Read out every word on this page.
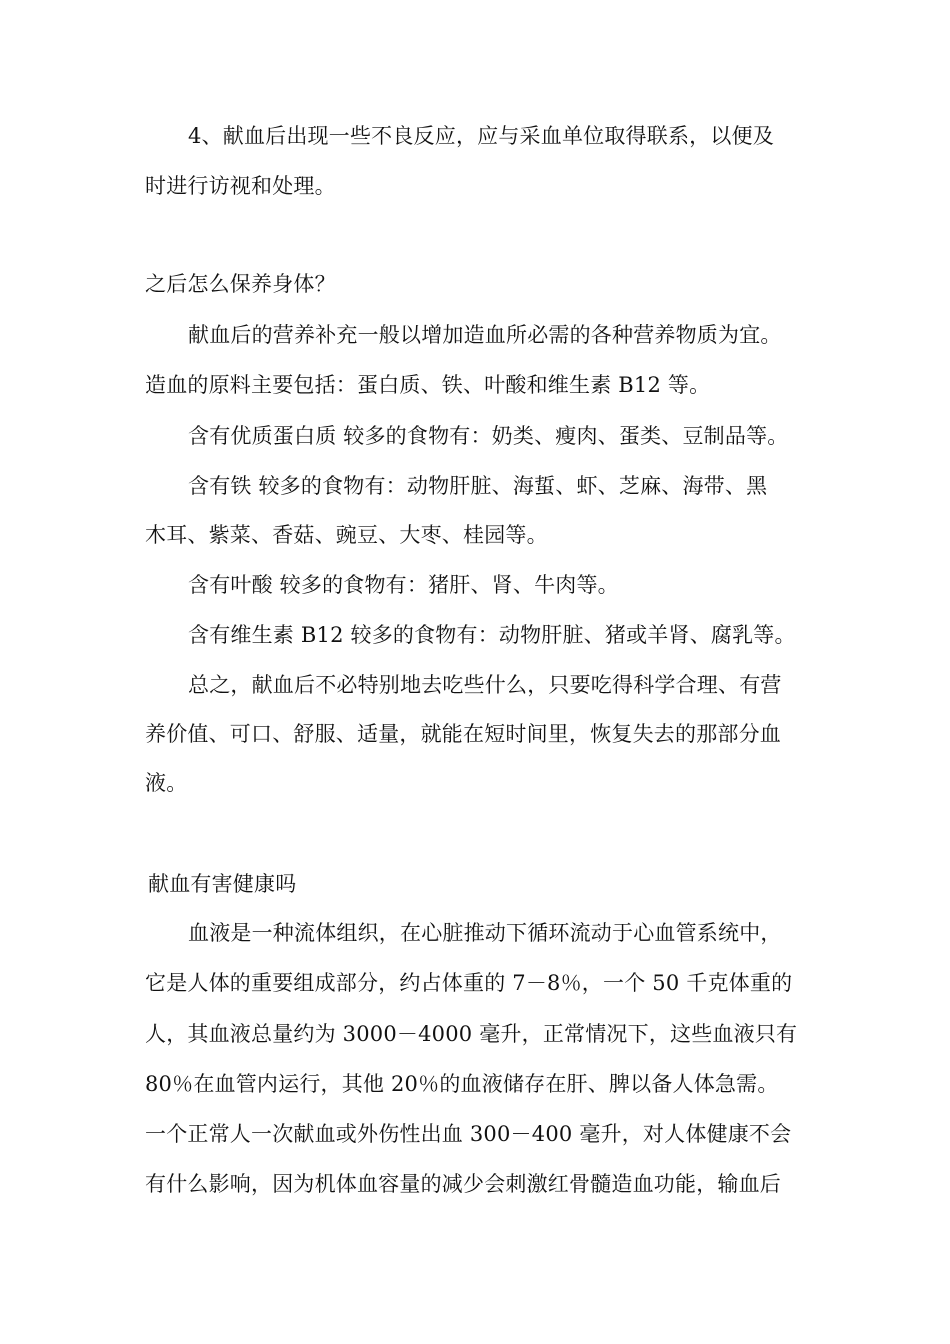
4、献血后出现一些不良反应，应与采血单位取得联系，以便及
时进行访视和处理。
之后怎么保养身体？
献血后的营养补充一般以增加造血所必需的各种营养物质为宜。
造血的原料主要包括：蛋白质、铁、叶酸和维生素 B12 等。
含有优质蛋白质 较多的食物有：奶类、瘦肉、蛋类、豆制品等。
含有铁 较多的食物有：动物肝脏、海蜇、虾、芝麻、海带、黑
木耳、紫菜、香菇、豌豆、大枣、桂园等。
含有叶酸 较多的食物有：猪肝、肾、牛肉等。
含有维生素 B12 较多的食物有：动物肝脏、猪或羊肾、腐乳等。
总之，献血后不必特别地去吃些什么，只要吃得科学合理、有营
养价值、可口、舒服、适量，就能在短时间里，恢复失去的那部分血
液。
献血有害健康吗
血液是一种流体组织，在心脏推动下循环流动于心血管系统中，
它是人体的重要组成部分，约占体重的 7－8％，一个 50 千克体重的
人，其血液总量约为 3000－4000 毫升，正常情况下，这些血液只有
80％在血管内运行，其他 20％的血液储存在肝、脾以备人体急需。
一个正常人一次献血或外伤性出血 300－400 毫升，对人体健康不会
有什么影响，因为机体血容量的减少会刺激红骨髓造血功能，输血后
